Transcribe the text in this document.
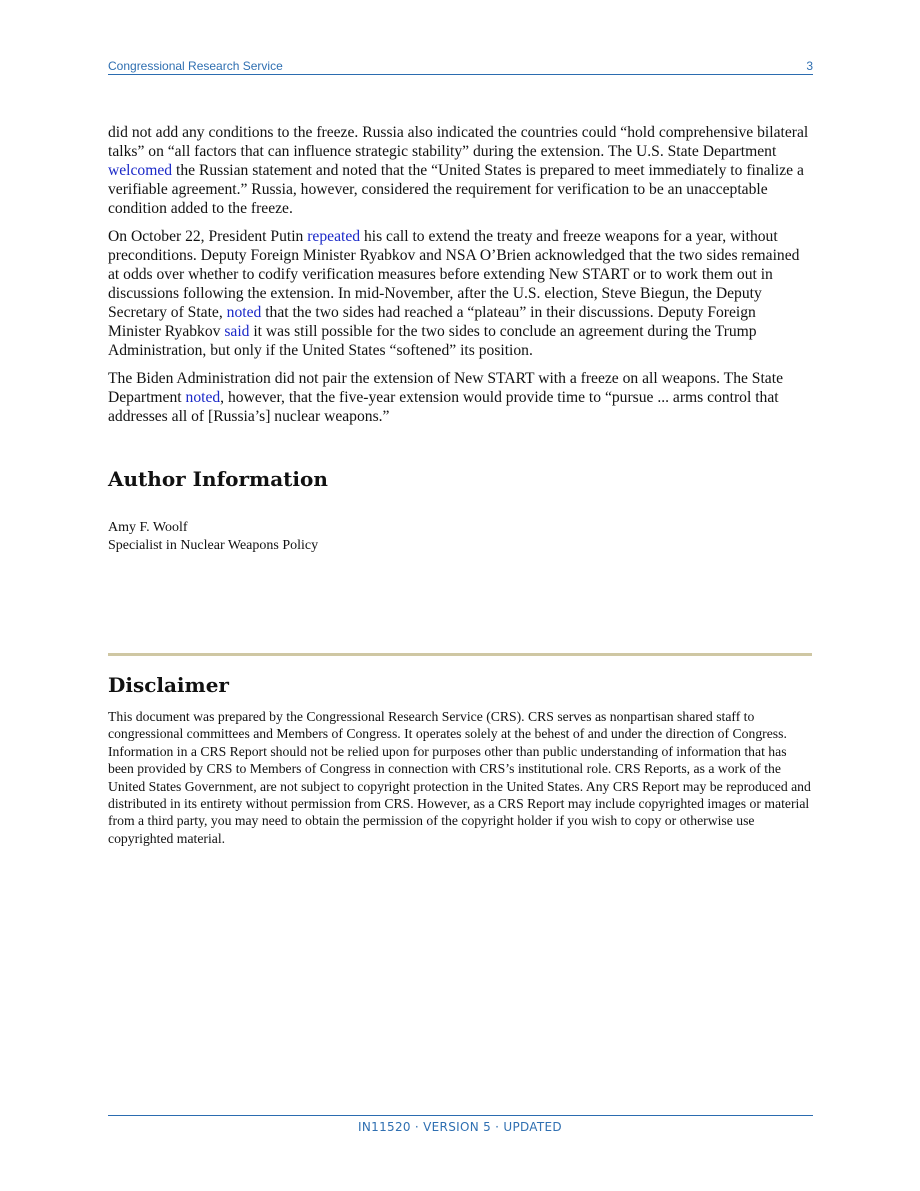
Congressional Research Service	3

did not add any conditions to the freeze. Russia also indicated the countries could “hold comprehensive bilateral talks” on “all factors that can influence strategic stability” during the extension. The U.S. State Department welcomed the Russian statement and noted that the “United States is prepared to meet immediately to finalize a verifiable agreement.” Russia, however, considered the requirement for verification to be an unacceptable condition added to the freeze.

On October 22, President Putin repeated his call to extend the treaty and freeze weapons for a year, without preconditions. Deputy Foreign Minister Ryabkov and NSA O’Brien acknowledged that the two sides remained at odds over whether to codify verification measures before extending New START or to work them out in discussions following the extension. In mid-November, after the U.S. election, Steve Biegun, the Deputy Secretary of State, noted that the two sides had reached a “plateau” in their discussions. Deputy Foreign Minister Ryabkov said it was still possible for the two sides to conclude an agreement during the Trump Administration, but only if the United States “softened” its position.

The Biden Administration did not pair the extension of New START with a freeze on all weapons. The State Department noted, however, that the five-year extension would provide time to “pursue ... arms control that addresses all of [Russia’s] nuclear weapons.”

Author Information
Amy F. Woolf
Specialist in Nuclear Weapons Policy
Disclaimer
This document was prepared by the Congressional Research Service (CRS). CRS serves as nonpartisan shared staff to congressional committees and Members of Congress. It operates solely at the behest of and under the direction of Congress. Information in a CRS Report should not be relied upon for purposes other than public understanding of information that has been provided by CRS to Members of Congress in connection with CRS’s institutional role. CRS Reports, as a work of the United States Government, are not subject to copyright protection in the United States. Any CRS Report may be reproduced and distributed in its entirety without permission from CRS. However, as a CRS Report may include copyrighted images or material from a third party, you may need to obtain the permission of the copyright holder if you wish to copy or otherwise use copyrighted material.
IN11520 · VERSION 5 · UPDATED
